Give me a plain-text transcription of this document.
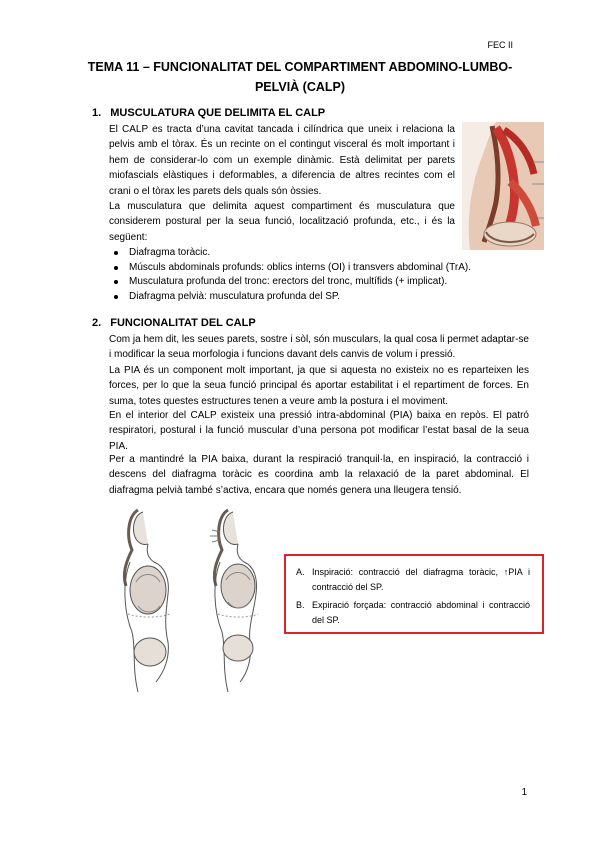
FEC II
TEMA 11 – FUNCIONALITAT DEL COMPARTIMENT ABDOMINO-LUMBO-
PELVIÀ (CALP)
1. MUSCULATURA QUE DELIMITA EL CALP

El CALP es tracta d’una cavitat tancada i cilíndrica que uneix i relaciona la pelvis amb el tòrax. És un recinte on el contingut visceral és molt important i hem de considerar-lo com un exemple dinàmic. Està delimitat per parets miofascials elàstiques i deformables, a diferencia de altres recintes com el crani o el tòrax les parets dels quals són òssies.

La musculatura que delimita aquest compartiment és musculatura que considerem postural per la seua funció, localització profunda, etc., i és la següent:

Diafragma toràcic.
Músculs abdominals profunds: oblics interns (OI) i transvers abdominal (TrA).
Musculatura profunda del tronc: erectors del tronc, multífids (+ implicat).
Diafragma pelvià: musculatura profunda del SP.
2. FUNCIONALITAT DEL CALP

Com ja hem dit, les seues parets, sostre i sòl, són musculars, la qual cosa li permet adaptar-se i modificar la seua morfologia i funcions davant dels canvis de volum i pressió.

La PIA és un component molt important, ja que si aquesta no existeix no es reparteixen les forces, per lo que la seua funció principal és aportar estabilitat i el repartiment de forces. En suma, totes questes estructures tenen a veure amb la postura i el moviment.

En el interior del CALP existeix una pressió intra-abdominal (PIA) baixa en repòs. El patró respiratori, postural i la funció muscular d’una persona pot modificar l’estat basal de la seua PIA.

Per a mantindré la PIA baixa, durant la respiració tranquil·la, en inspiració, la contracció i descens del diafragma toràcic es coordina amb la relaxació de la paret abdominal. El diafragma pelvià també s’activa, encara que només genera una lleugera tensió.

A. Inspiració: contracció del diafragma toràcic, ↑PIA i contracció del SP.
B. Expiració forçada: contracció abdominal i contracció del SP.
1
